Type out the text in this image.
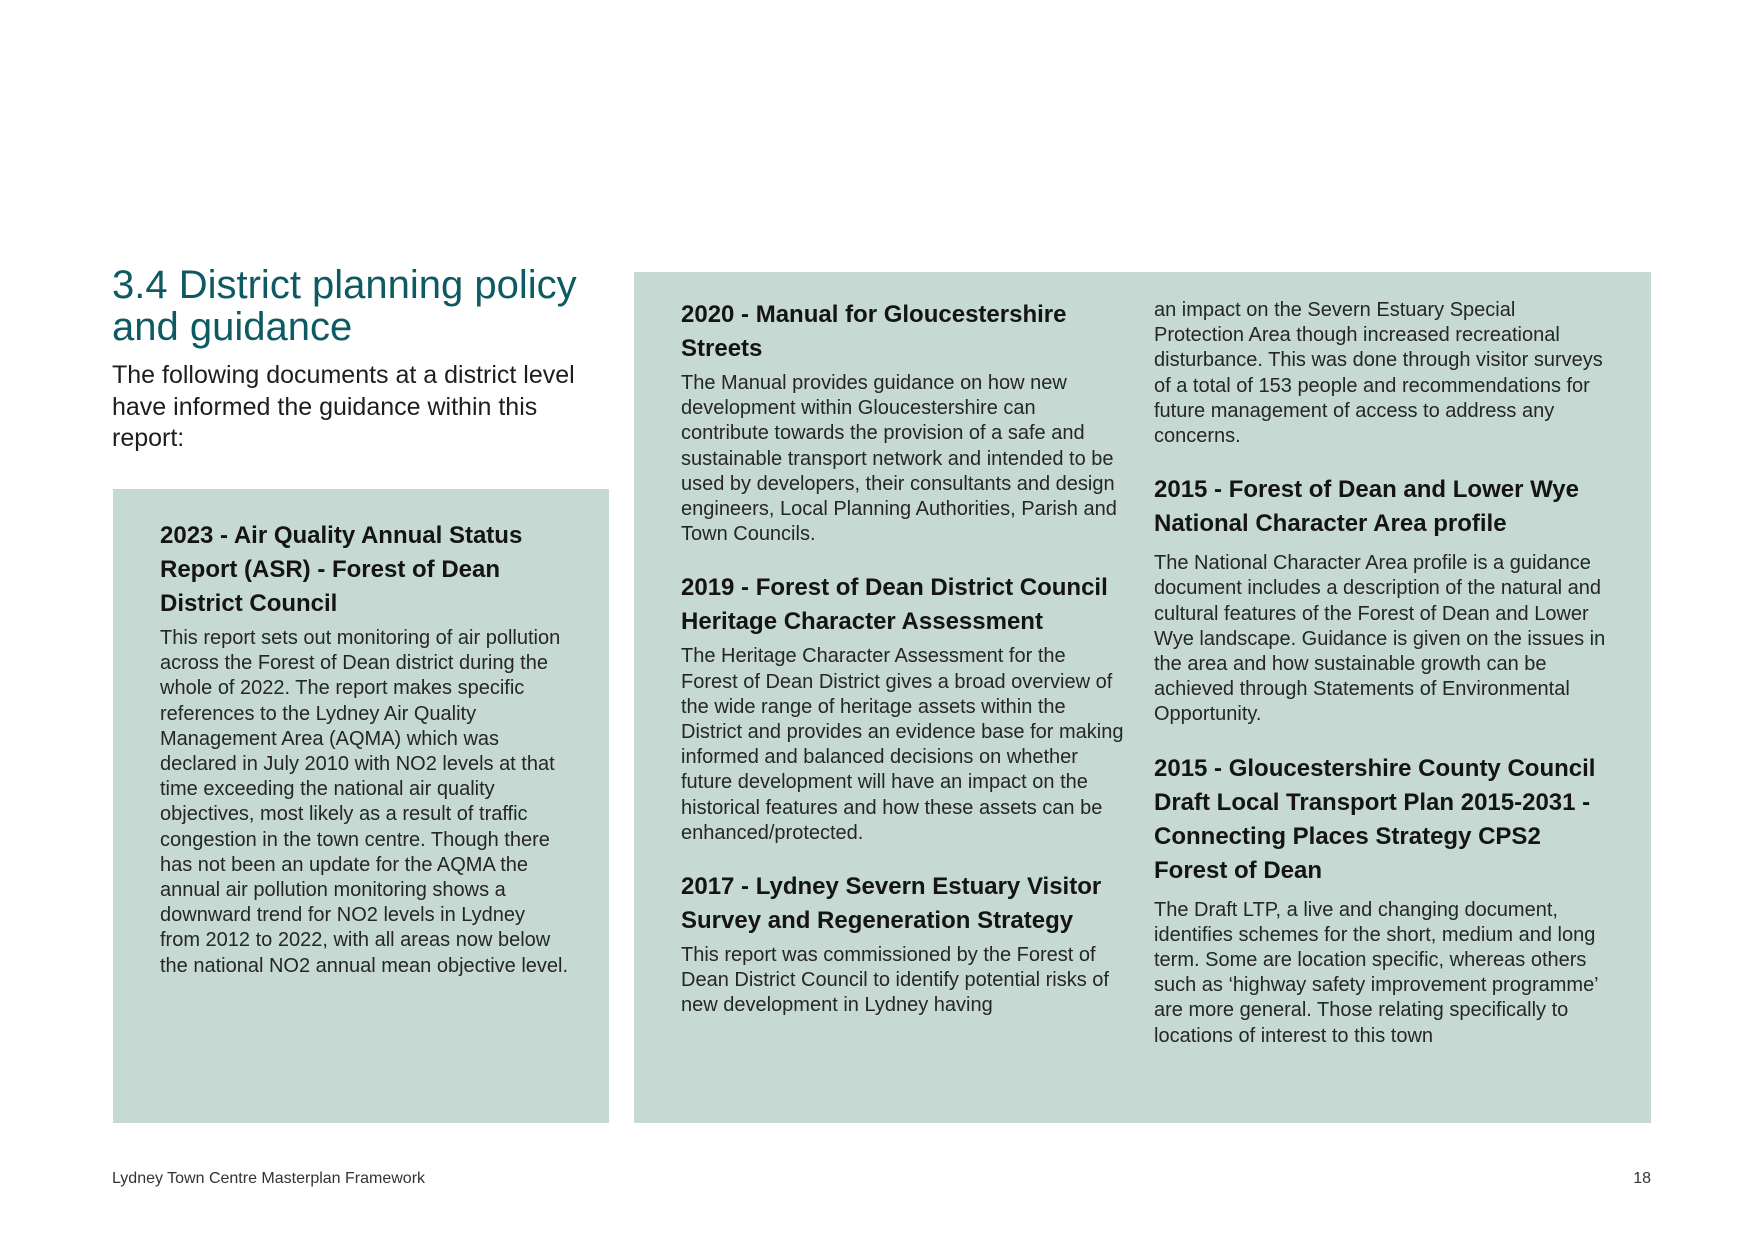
3.4 District planning policy and guidance

The following documents at a district level have informed the guidance within this report:

2023 - Air Quality Annual Status Report (ASR) - Forest of Dean District Council

This report sets out monitoring of air pollution across the Forest of Dean district during the whole of 2022. The report makes specific references to the Lydney Air Quality Management Area (AQMA) which was declared in July 2010 with NO2 levels at that time exceeding the national air quality objectives, most likely as a result of traffic congestion in the town centre. Though there has not been an update for the AQMA the annual air pollution monitoring shows a downward trend for NO2 levels in Lydney from 2012 to 2022, with all areas now below the national NO2 annual mean objective level.

2020 - Manual for Gloucestershire Streets

The Manual provides guidance on how new development within Gloucestershire can contribute towards the provision of a safe and sustainable transport network and intended to be used by developers, their consultants and design engineers, Local Planning Authorities, Parish and Town Councils.

2019 - Forest of Dean District Council Heritage Character Assessment

The Heritage Character Assessment for the Forest of Dean District gives a broad overview of the wide range of heritage assets within the District and provides an evidence base for making informed and balanced decisions on whether future development will have an impact on the historical features and how these assets can be enhanced/protected.

2017 - Lydney Severn Estuary Visitor Survey and Regeneration Strategy

This report was commissioned by the Forest of Dean District Council to identify potential risks of new development in Lydney having

an impact on the Severn Estuary Special Protection Area though increased recreational disturbance. This was done through visitor surveys of a total of 153 people and recommendations for future management of access to address any concerns.

2015 - Forest of Dean and Lower Wye National Character Area profile

The National Character Area profile is a guidance document includes a description of the natural and cultural features of the Forest of Dean and Lower Wye landscape. Guidance is given on the issues in the area and how sustainable growth can be achieved through Statements of Environmental Opportunity.

2015 - Gloucestershire County Council Draft Local Transport Plan 2015-2031 - Connecting Places Strategy CPS2 Forest of Dean

The Draft LTP, a live and changing document, identifies schemes for the short, medium and long term. Some are location specific, whereas others such as ‘highway safety improvement programme’ are more general. Those relating specifically to locations of interest to this town

Lydney Town Centre Masterplan Framework	18
